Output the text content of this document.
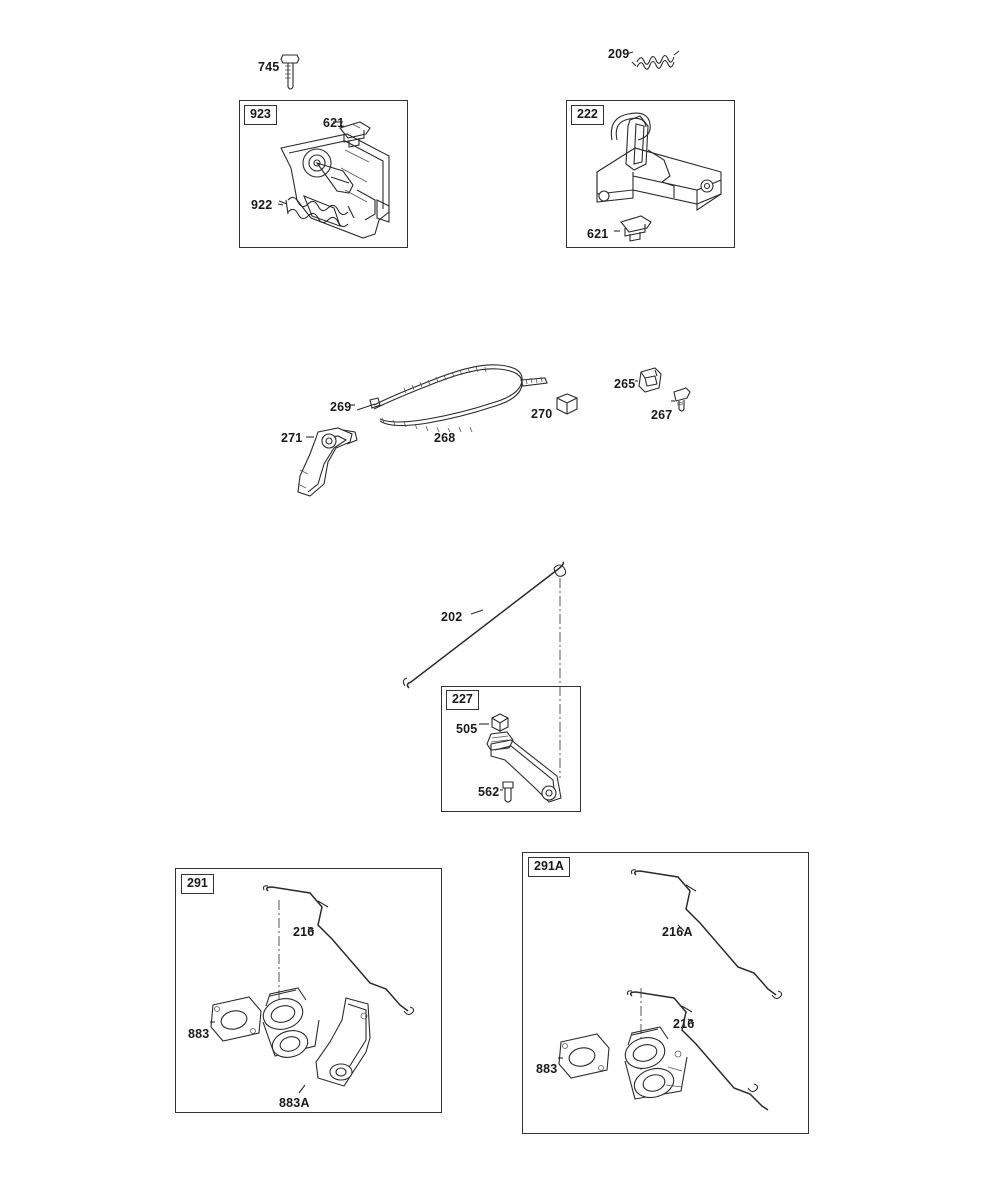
923	222
227
291
291A
745
209
621
922
621
269	270
268
271
265
267
202
505
562
216
883
883A
216A
216
883
